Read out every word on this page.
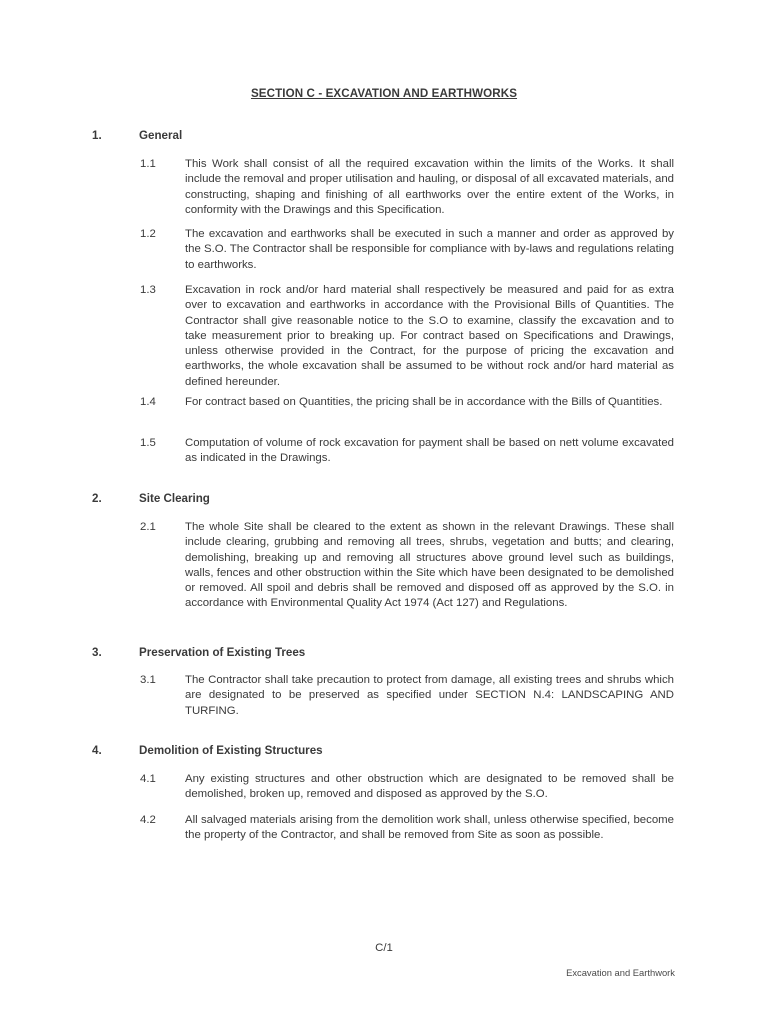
SECTION C - EXCAVATION AND EARTHWORKS
1.	General
1.1	This Work shall consist of all the required excavation within the limits of the Works. It shall include the removal and proper utilisation and hauling, or disposal of all excavated materials, and constructing, shaping and finishing of all earthworks over the entire extent of the Works, in conformity with the Drawings and this Specification.
1.2	The excavation and earthworks shall be executed in such a manner and order as approved by the S.O. The Contractor shall be responsible for compliance with by-laws and regulations relating to earthworks.
1.3	Excavation in rock and/or hard material shall respectively be measured and paid for as extra over to excavation and earthworks in accordance with the Provisional Bills of Quantities. The Contractor shall give reasonable notice to the S.O to examine, classify the excavation and to take measurement prior to breaking up. For contract based on Specifications and Drawings, unless otherwise provided in the Contract, for the purpose of pricing the excavation and earthworks, the whole excavation shall be assumed to be without rock and/or hard material as defined hereunder.
1.4	For contract based on Quantities, the pricing shall be in accordance with the Bills of Quantities.
1.5	Computation of volume of rock excavation for payment shall be based on nett volume excavated as indicated in the Drawings.
2.	Site Clearing
2.1	The whole Site shall be cleared to the extent as shown in the relevant Drawings. These shall include clearing, grubbing and removing all trees, shrubs, vegetation and butts; and clearing, demolishing, breaking up and removing all structures above ground level such as buildings, walls, fences and other obstruction within the Site which have been designated to be demolished or removed. All spoil and debris shall be removed and disposed off as approved by the S.O. in accordance with Environmental Quality Act 1974 (Act 127) and Regulations.
3.	Preservation of Existing Trees
3.1	The Contractor shall take precaution to protect from damage, all existing trees and shrubs which are designated to be preserved as specified under SECTION N.4: LANDSCAPING AND TURFING.
4.	Demolition of Existing Structures
4.1	Any existing structures and other obstruction which are designated to be removed shall be demolished, broken up, removed and disposed as approved by the S.O.
4.2	All salvaged materials arising from the demolition work shall, unless otherwise specified, become the property of the Contractor, and shall be removed from Site as soon as possible.
C/1
Excavation and Earthwork
